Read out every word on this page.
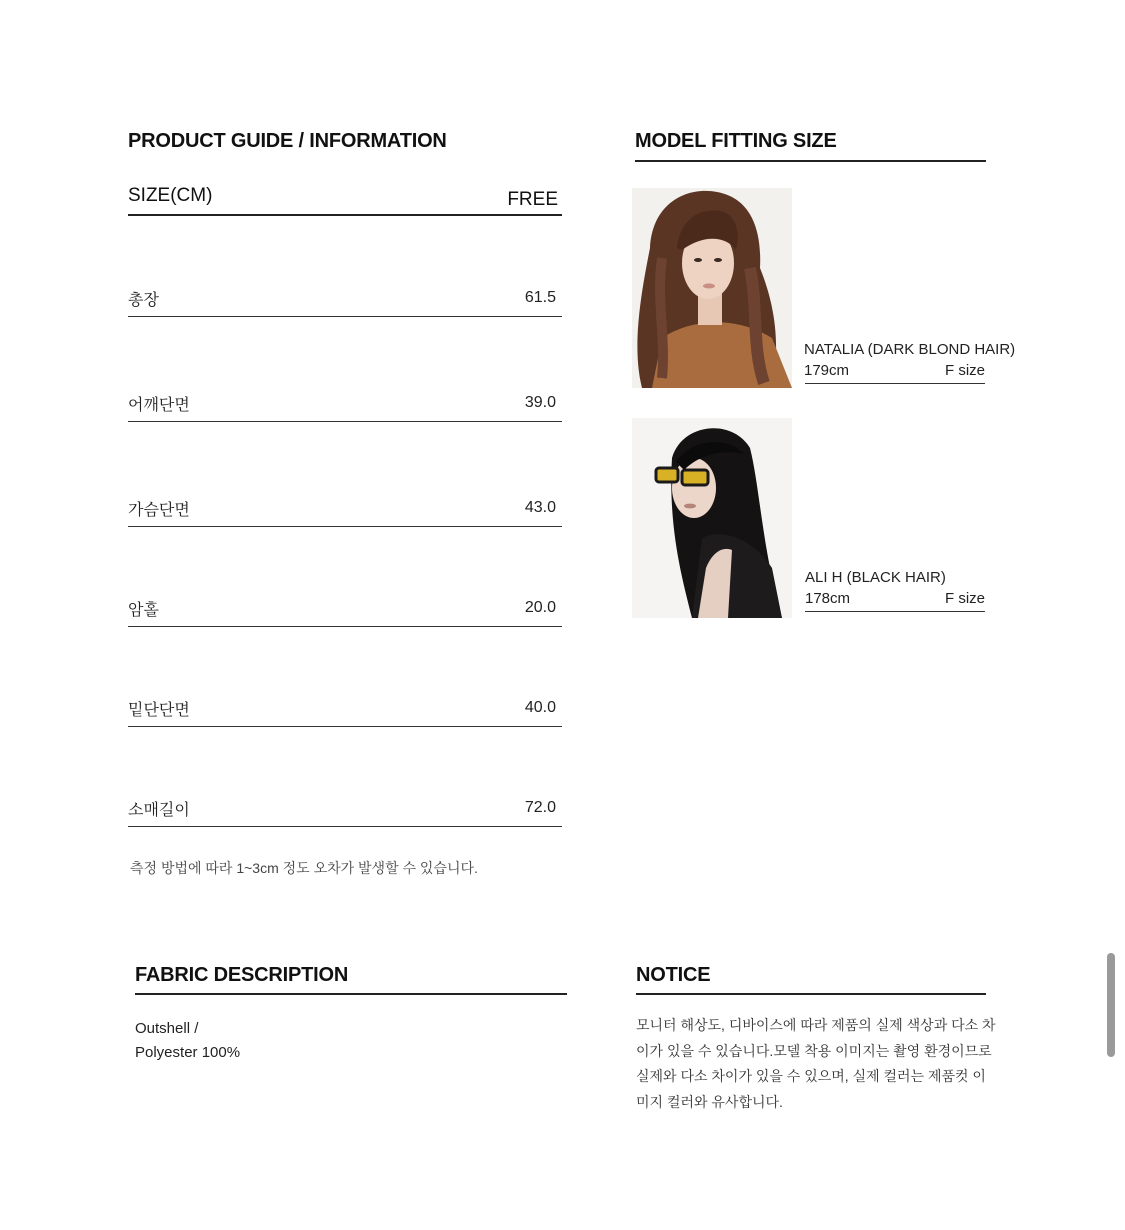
PRODUCT GUIDE / INFORMATION
SIZE(CM)	FREE
총장	61.5
어깨단면	39.0
가슴단면	43.0
암홀	20.0
밑단단면	40.0
소매길이	72.0
측정 방법에 따라 1~3cm 정도 오차가 발생할 수 있습니다.
MODEL FITTING SIZE
NATALIA (DARK BLOND HAIR)
179cm	F size
ALI H (BLACK HAIR)
178cm	F size
FABRIC DESCRIPTION
Outshell /
Polyester 100%
NOTICE
모니터 해상도, 디바이스에 따라 제품의 실제 색상과 다소 차이가 있을 수 있습니다.모델 착용 이미지는 촬영 환경이므로 실제와 다소 차이가 있을 수 있으며, 실제 컬러는 제품컷 이미지 컬러와 유사합니다.
